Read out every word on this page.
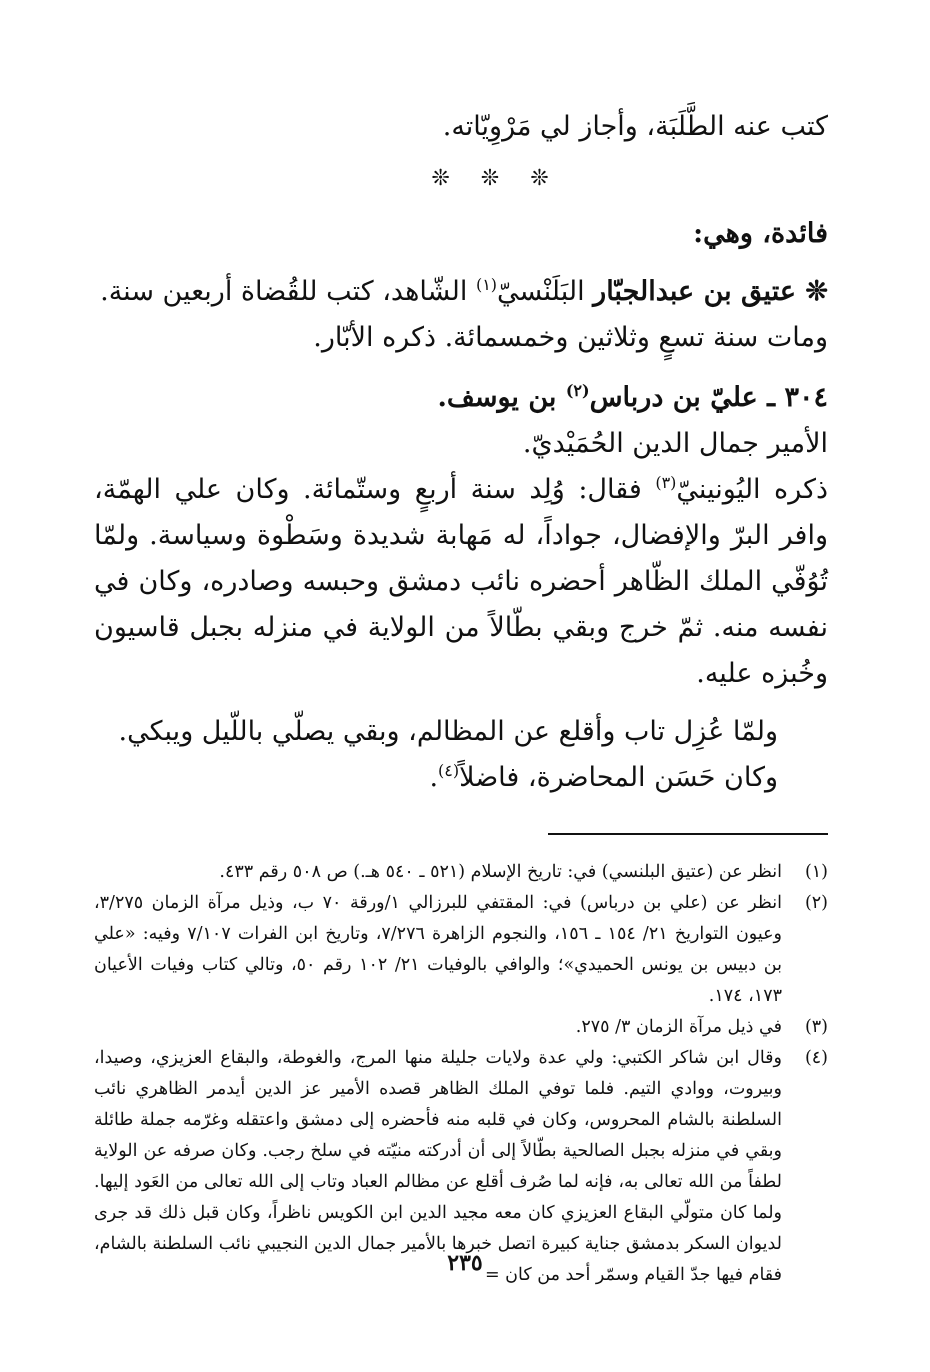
كتب عنه الطَّلَبَة، وأجاز لي مَرْوِيّاته.

❊ ❊ ❊

فائدة، وهي:

❊ عتيق بن عبدالجبّار البَلَنْسيّ$^{(١)}$ الشّاهد، كتب للقُضاة أربعين سنة.

ومات سنة تسعٍ وثلاثين وخمسمائة. ذكره الأبّار.

٣٠٤ ـ عليّ بن درباس$^{(٢)}$ بن يوسف.

الأمير جمال الدين الحُمَيْديّ.

ذكره اليُونينيّ$^{(٣)}$ فقال: وُلِد سنة أربعٍ وستّمائة. وكان علي الهمّة، وافر البرّ والإفضال، جواداً، له مَهابة شديدة وسَطْوة وسياسة. ولمّا تُوُفّي الملك الظّاهر أحضره نائب دمشق وحبسه وصادره، وكان في نفسه منه. ثمّ خرج وبقي بطّالاً من الولاية في منزله بجبل قاسيون وخُبزه عليه.

ولمّا عُزِل تاب وأقلع عن المظالم، وبقي يصلّي باللّيل ويبكي.

وكان حَسَن المحاضرة، فاضلاً$^{(٤)}$.

(١)
انظر عن (عتيق البلنسي) في: تاريخ الإسلام (٥٢١ ـ ٥٤٠ هـ.) ص ٥٠٨ رقم ٤٣٣.
(٢)
انظر عن (علي بن درباس) في: المقتفي للبرزالي ١/ورقة ٧٠ ب، وذيل مرآة الزمان ٣/٢٧٥، وعيون التواريخ ٢١/ ١٥٤ ـ ١٥٦، والنجوم الزاهرة ٧/٢٧٦، وتاريخ ابن الفرات ٧/١٠٧ وفيه: «علي بن دبيس بن يونس الحميدي»؛ والوافي بالوفيات ٢١/ ١٠٢ رقم ٥٠، وتالي كتاب وفيات الأعيان ١٧٣، ١٧٤.
(٣)
في ذيل مرآة الزمان ٣/ ٢٧٥.
(٤)
وقال ابن شاكر الكتبي: ولي عدة ولايات جليلة منها المرج، والغوطة، والبقاع العزيزي، وصيدا، وبيروت، ووادي التيم. فلما توفي الملك الظاهر قصده الأمير عز الدين أيدمر الظاهري نائب السلطنة بالشام المحروس، وكان في قلبه منه فأحضره إلى دمشق واعتقله وغرّمه جملة طائلة وبقي في منزله بجبل الصالحية بطّالاً إلى أن أدركته منيّته في سلخ رجب. وكان صرفه عن الولاية لطفاً من الله تعالى به، فإنه لما صُرف أقلع عن مظالم العباد وتاب إلى الله تعالى من العَود إليها. ولما كان متولّي البقاع العزيزي كان معه مجيد الدين ابن الكويس ناظراً، وكان قبل ذلك قد جرى لديوان السكر بدمشق جناية كبيرة اتصل خبرها بالأمير جمال الدين النجيبي نائب السلطنة بالشام، فقام فيها جدّ القيام وسمّر أحد من كان =
٢٣٥
